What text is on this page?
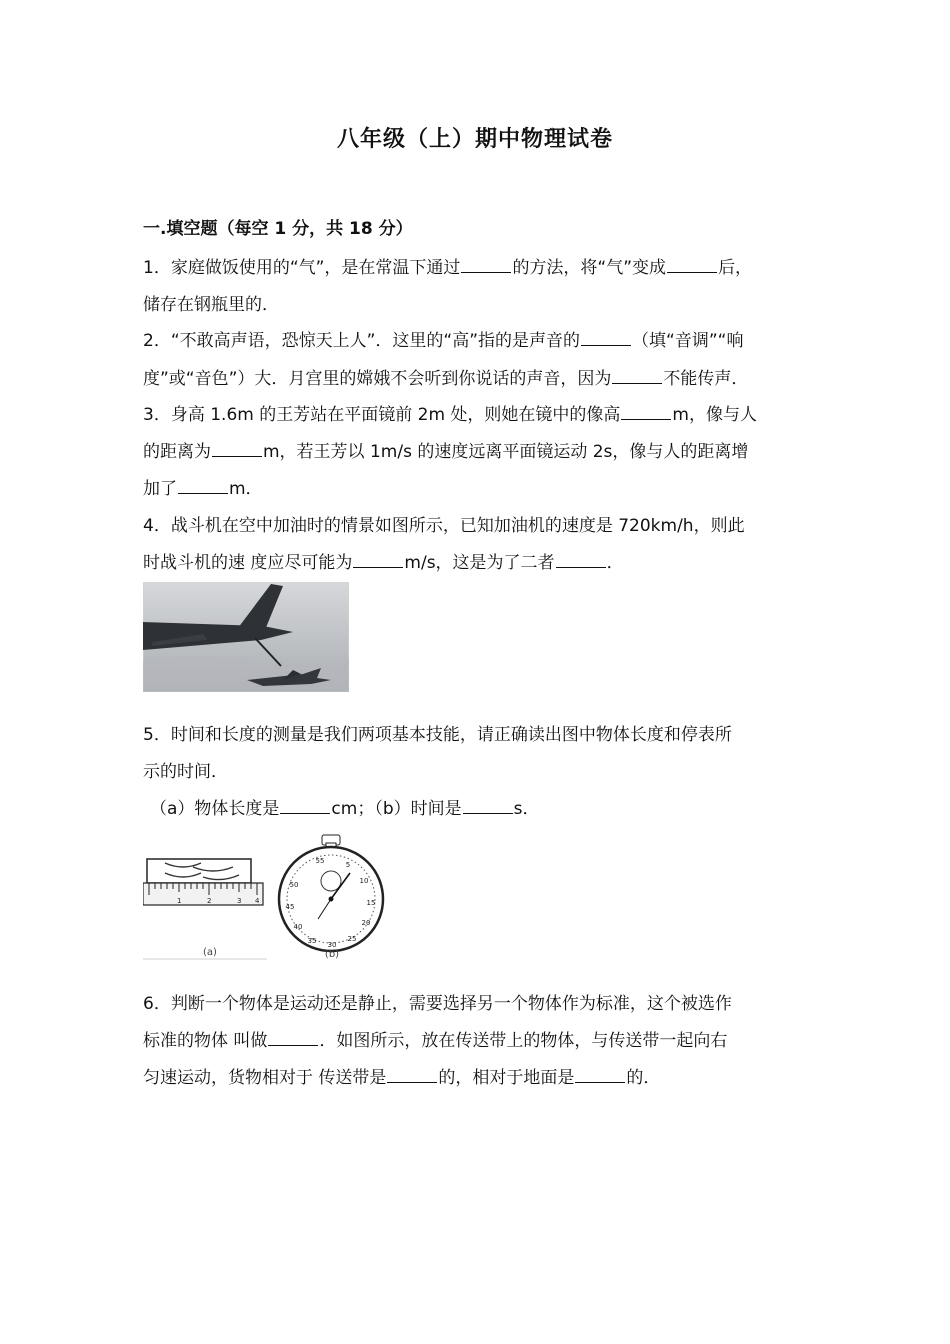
八年级（上）期中物理试卷
一.填空题（每空 1 分，共 18 分）
1．家庭做饭使用的“气”，是在常温下通过	的方法，将“气”变成	后，
储存在钢瓶里的．
2．“不敢高声语，恐惊天上人”．这里的“高”指的是声音的	（填“音调”“响
度”或“音色”）大．月宫里的嫦娥不会听到你说话的声音，因为	不能传声．
3．身高 1.6m 的王芳站在平面镜前 2m 处，则她在镜中的像高	m，像与人
的距离为	m，若王芳以 1m/s 的速度远离平面镜运动 2s，像与人的距离增
加了	m．
4．战斗机在空中加油时的情景如图所示，已知加油机的速度是 720km/h，则此
时战斗机的速 度应尽可能为	m/s，这是为了二者	．
5．时间和长度的测量是我们两项基本技能，请正确读出图中物体长度和停表所
示的时间．
（a）物体长度是	cm；（b）时间是	s．
1	2	3 4
(a)
55	5
10
50
15
45
20
40
35	25
30
(b)
6．判断一个物体是运动还是静止，需要选择另一个物体作为标准，这个被选作
标准的物体 叫做	．如图所示，放在传送带上的物体，与传送带一起向右
匀速运动，货物相对于 传送带是	的，相对于地面是	的．
